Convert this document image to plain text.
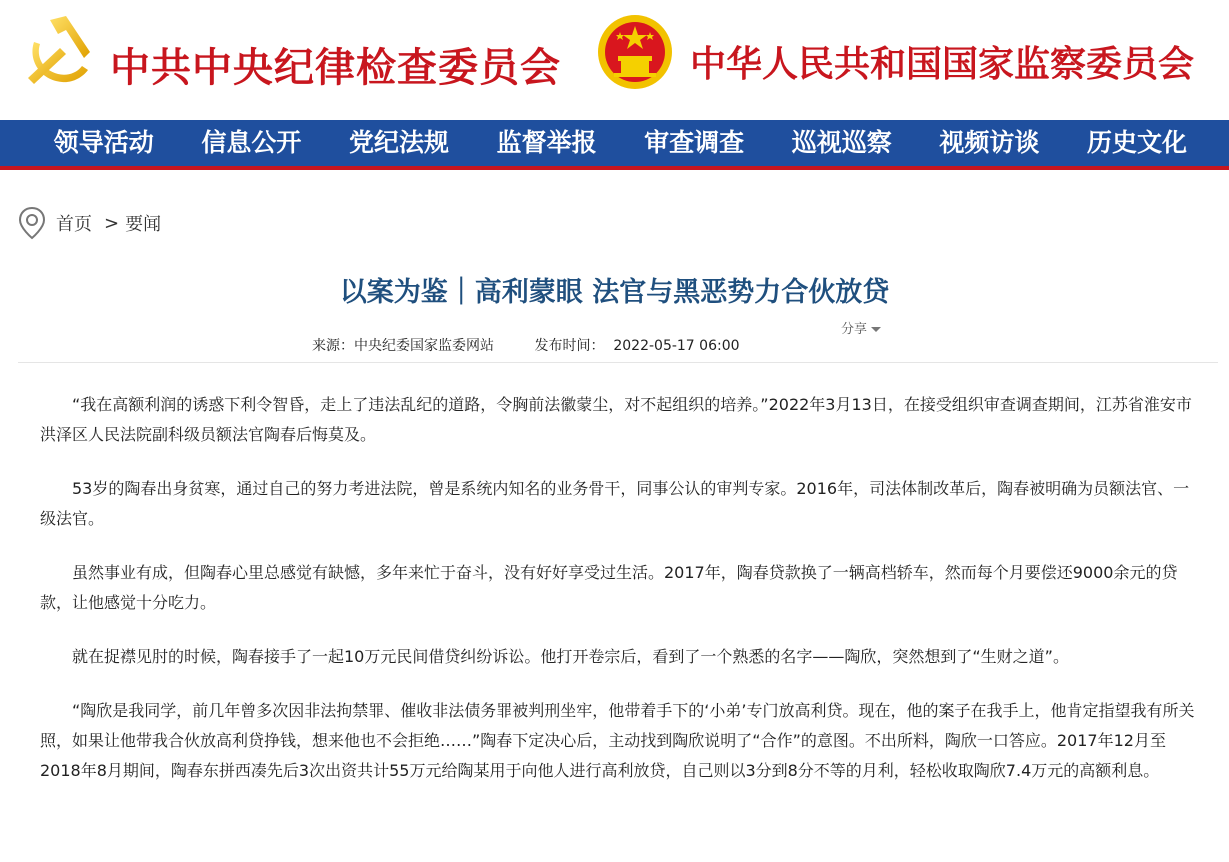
中共中央纪律检查委员会	中华人民共和国国家监察委员会
领导活动	信息公开	党纪法规	监督举报	审查调查	巡视巡察	视频访谈	历史文化
首页 > 要闻
以案为鉴｜高利蒙眼 法官与黑恶势力合伙放贷
分享
来源：中央纪委国家监委网站	发布时间：  2022-05-17 06:00

“我在高额利润的诱惑下利令智昏，走上了违法乱纪的道路，令胸前法徽蒙尘，对不起组织的培养。”2022年3月13日，在接受组织审查调查期间，江苏省淮安市洪泽区人民法院副科级员额法官陶春后悔莫及。

53岁的陶春出身贫寒，通过自己的努力考进法院，曾是系统内知名的业务骨干，同事公认的审判专家。2016年，司法体制改革后，陶春被明确为员额法官、一级法官。

虽然事业有成，但陶春心里总感觉有缺憾，多年来忙于奋斗，没有好好享受过生活。2017年，陶春贷款换了一辆高档轿车，然而每个月要偿还9000余元的贷款，让他感觉十分吃力。

就在捉襟见肘的时候，陶春接手了一起10万元民间借贷纠纷诉讼。他打开卷宗后，看到了一个熟悉的名字——陶欣，突然想到了“生财之道”。

“陶欣是我同学，前几年曾多次因非法拘禁罪、催收非法债务罪被判刑坐牢，他带着手下的‘小弟’专门放高利贷。现在，他的案子在我手上，他肯定指望我有所关照，如果让他带我合伙放高利贷挣钱，想来他也不会拒绝……”陶春下定决心后，主动找到陶欣说明了“合作”的意图。不出所料，陶欣一口答应。2017年12月至2018年8月期间，陶春东拼西凑先后3次出资共计55万元给陶某用于向他人进行高利放贷，自己则以3分到8分不等的月利，轻松收取陶欣7.4万元的高额利息。
